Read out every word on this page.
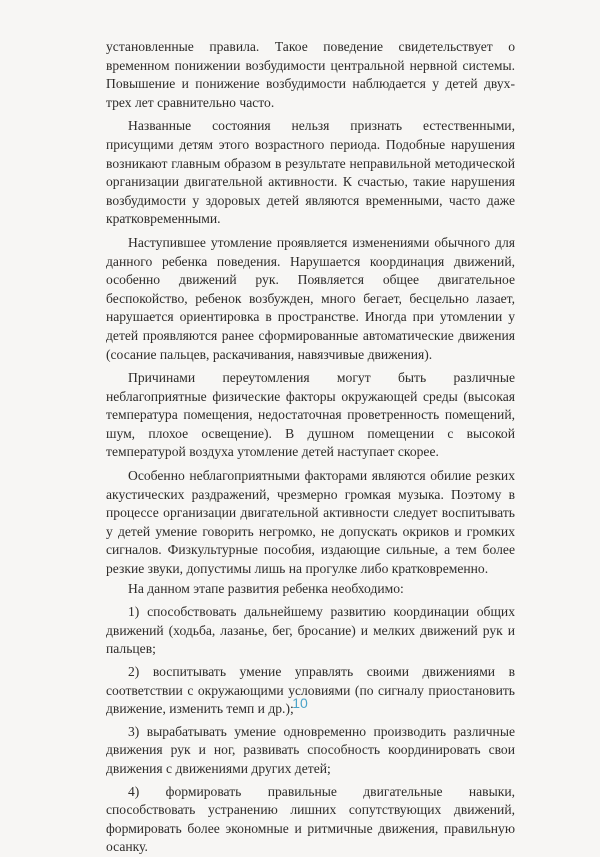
установленные правила. Такое поведение свидетельствует о временном понижении возбудимости центральной нервной системы. Повышение и понижение возбудимости наблюдается у детей двух-трех лет сравнительно часто.

Названные состояния нельзя признать естественными, присущими детям этого возрастного периода. Подобные нарушения возникают главным образом в результате неправильной методической организации двигательной активности. К счастью, такие нарушения возбудимости у здоровых детей являются временными, часто даже кратковременными.

Наступившее утомление проявляется изменениями обычного для данного ребенка поведения. Нарушается координация движений, особенно движений рук. Появляется общее двигательное беспокойство, ребенок возбужден, много бегает, бесцельно лазает, нарушается ориентировка в пространстве. Иногда при утомлении у детей проявляются ранее сформированные автоматические движения (сосание пальцев, раскачивания, навязчивые движения).

Причинами переутомления могут быть различные неблагоприятные физические факторы окружающей среды (высокая температура помещения, недостаточная проветренность помещений, шум, плохое освещение). В душном помещении с высокой температурой воздуха утомление детей наступает скорее.

Особенно неблагоприятными факторами являются обилие резких акустических раздражений, чрезмерно громкая музыка. Поэтому в процессе организации двигательной активности следует воспитывать у детей умение говорить негромко, не допускать окриков и громких сигналов. Физкультурные пособия, издающие сильные, а тем более резкие звуки, допустимы лишь на прогулке либо кратковременно.

На данном этапе развития ребенка необходимо:

1) способствовать дальнейшему развитию координации общих движений (ходьба, лазанье, бег, бросание) и мелких движений рук и пальцев;

2) воспитывать умение управлять своими движениями в соответствии с окружающими условиями (по сигналу приостановить движение, изменить темп и др.);

3) вырабатывать умение одновременно производить различные движения рук и ног, развивать способность координировать свои движения с движениями других детей;

4) формировать правильные двигательные навыки, способствовать устранению лишних сопутствующих движений, формировать более экономные и ритмичные движения, правильную осанку.

10
